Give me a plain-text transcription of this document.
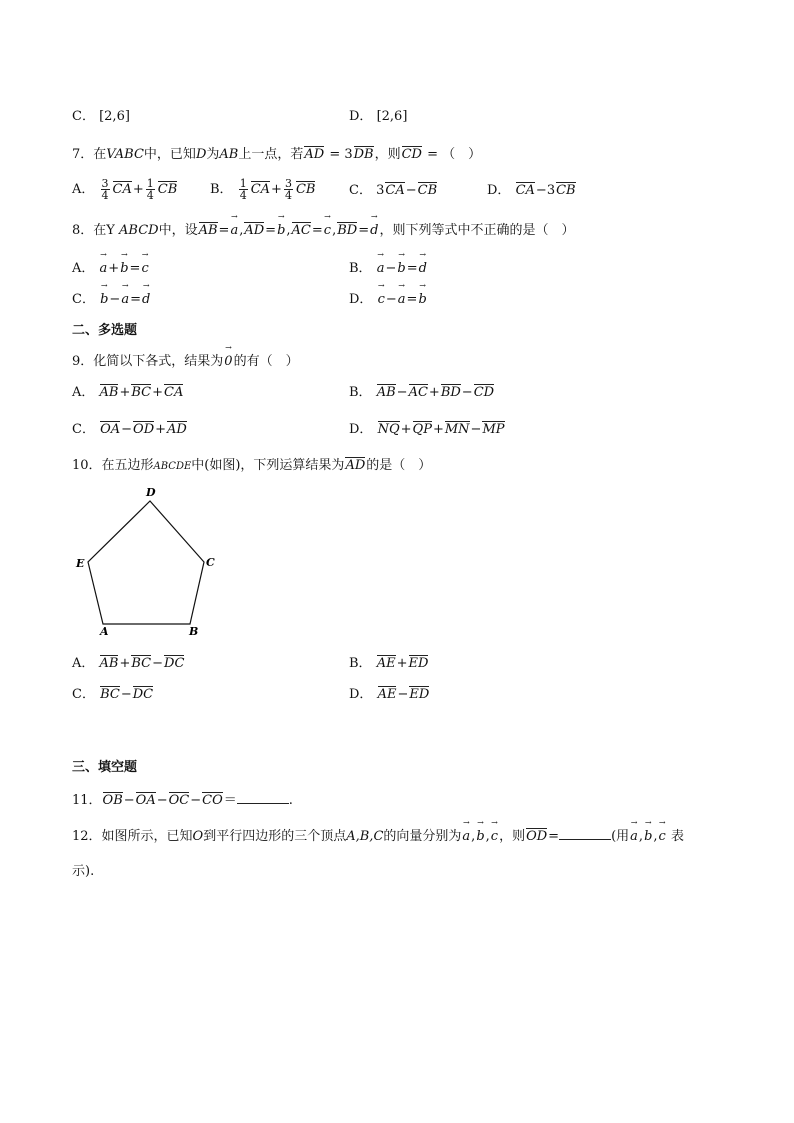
C． [2,6]	D． [2,6]
7．在VABC中，已知D为AB上一点，若AD = 3DB，则CD = （　）
A． $\frac{3}{4} CA+ \frac{1}{4}$ CB	B． $\frac{1}{4} CA+ \frac{3}{4}$ CB	C． 3CA−CB	D． CA−3CB
8．在Y ABCD中，设AB=→ a,AD=→ b,AC=→ c,BD=→ d，则下列等式中不正确的是（　）
A． → a+→ b=→ c	B． → a−→ b=→ d
C． → b−→ a=→ d	D． → c−→ a=→ b
二、多选题
9．化简以下各式，结果为→ 0的有（　）
A． AB+BC+CA	B． AB−AC+BD−CD
C． OA−OD+AD	D． NQ+QP+MN−MP
10．在五边形ABCDE中(如图)，下列运算结果为AD的是（　）
D
C
B
A
E
A． AB+BC−DC	B． AE+ED
C． BC−DC	D． AE−ED
三、填空题
11．OB−OA−OC−CO＝	.
12．如图所示，已知O到平行四边形的三个顶点A,B,C的向量分别为→ a,→ b,→ c，则OD=	(用→ a,→ b,→ c 表
示).
